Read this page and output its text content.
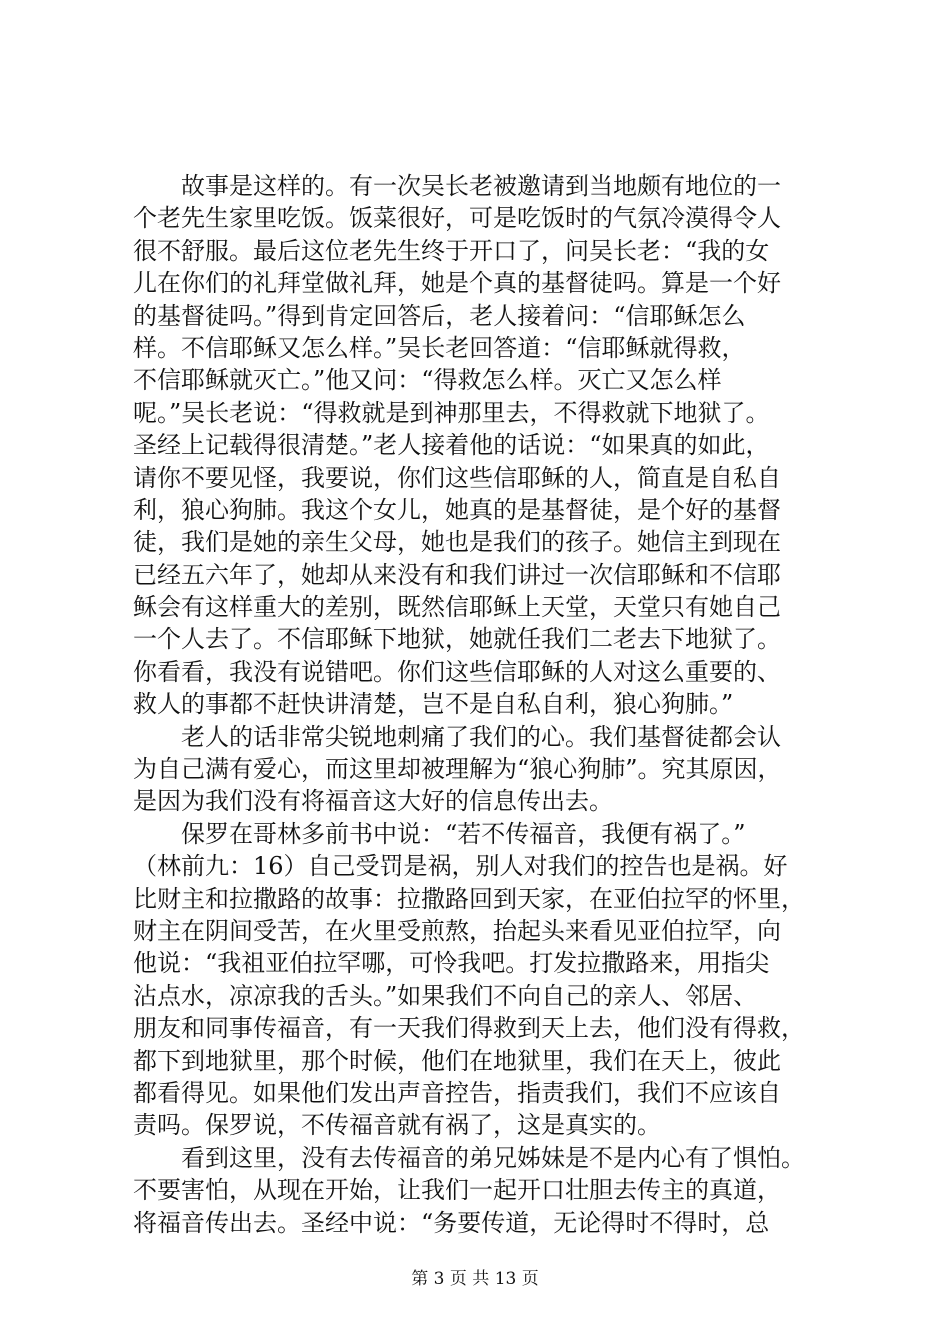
故事是这样的。有一次吴长老被邀请到当地颇有地位的一
个老先生家里吃饭。饭菜很好，可是吃饭时的气氛冷漠得令人
很不舒服。最后这位老先生终于开口了，问吴长老：“我的女
儿在你们的礼拜堂做礼拜，她是个真的基督徒吗。算是一个好
的基督徒吗。”得到肯定回答后，老人接着问：“信耶稣怎么
样。不信耶稣又怎么样。”吴长老回答道：“信耶稣就得救，
不信耶稣就灭亡。”他又问：“得救怎么样。灭亡又怎么样
呢。”吴长老说：“得救就是到神那里去，不得救就下地狱了。
圣经上记载得很清楚。”老人接着他的话说：“如果真的如此，
请你不要见怪，我要说，你们这些信耶稣的人，简直是自私自
利，狼心狗肺。我这个女儿，她真的是基督徒，是个好的基督
徒，我们是她的亲生父母，她也是我们的孩子。她信主到现在
已经五六年了，她却从来没有和我们讲过一次信耶稣和不信耶
稣会有这样重大的差别，既然信耶稣上天堂，天堂只有她自己
一个人去了。不信耶稣下地狱，她就任我们二老去下地狱了。
你看看，我没有说错吧。你们这些信耶稣的人对这么重要的、
救人的事都不赶快讲清楚，岂不是自私自利，狼心狗肺。”
老人的话非常尖锐地刺痛了我们的心。我们基督徒都会认
为自己满有爱心，而这里却被理解为“狼心狗肺”。究其原因，
是因为我们没有将福音这大好的信息传出去。
保罗在哥林多前书中说：“若不传福音，我便有祸了。”
（林前九：16）自己受罚是祸，别人对我们的控告也是祸。好
比财主和拉撒路的故事：拉撒路回到天家，在亚伯拉罕的怀里，
财主在阴间受苦，在火里受煎熬，抬起头来看见亚伯拉罕，向
他说：“我祖亚伯拉罕哪，可怜我吧。打发拉撒路来，用指尖
沾点水，凉凉我的舌头。”如果我们不向自己的亲人、邻居、
朋友和同事传福音，有一天我们得救到天上去，他们没有得救，
都下到地狱里，那个时候，他们在地狱里，我们在天上，彼此
都看得见。如果他们发出声音控告，指责我们，我们不应该自
责吗。保罗说，不传福音就有祸了，这是真实的。
看到这里，没有去传福音的弟兄姊妹是不是内心有了惧怕。
不要害怕，从现在开始，让我们一起开口壮胆去传主的真道，
将福音传出去。圣经中说：“务要传道，无论得时不得时，总
第 3 页 共 13 页
